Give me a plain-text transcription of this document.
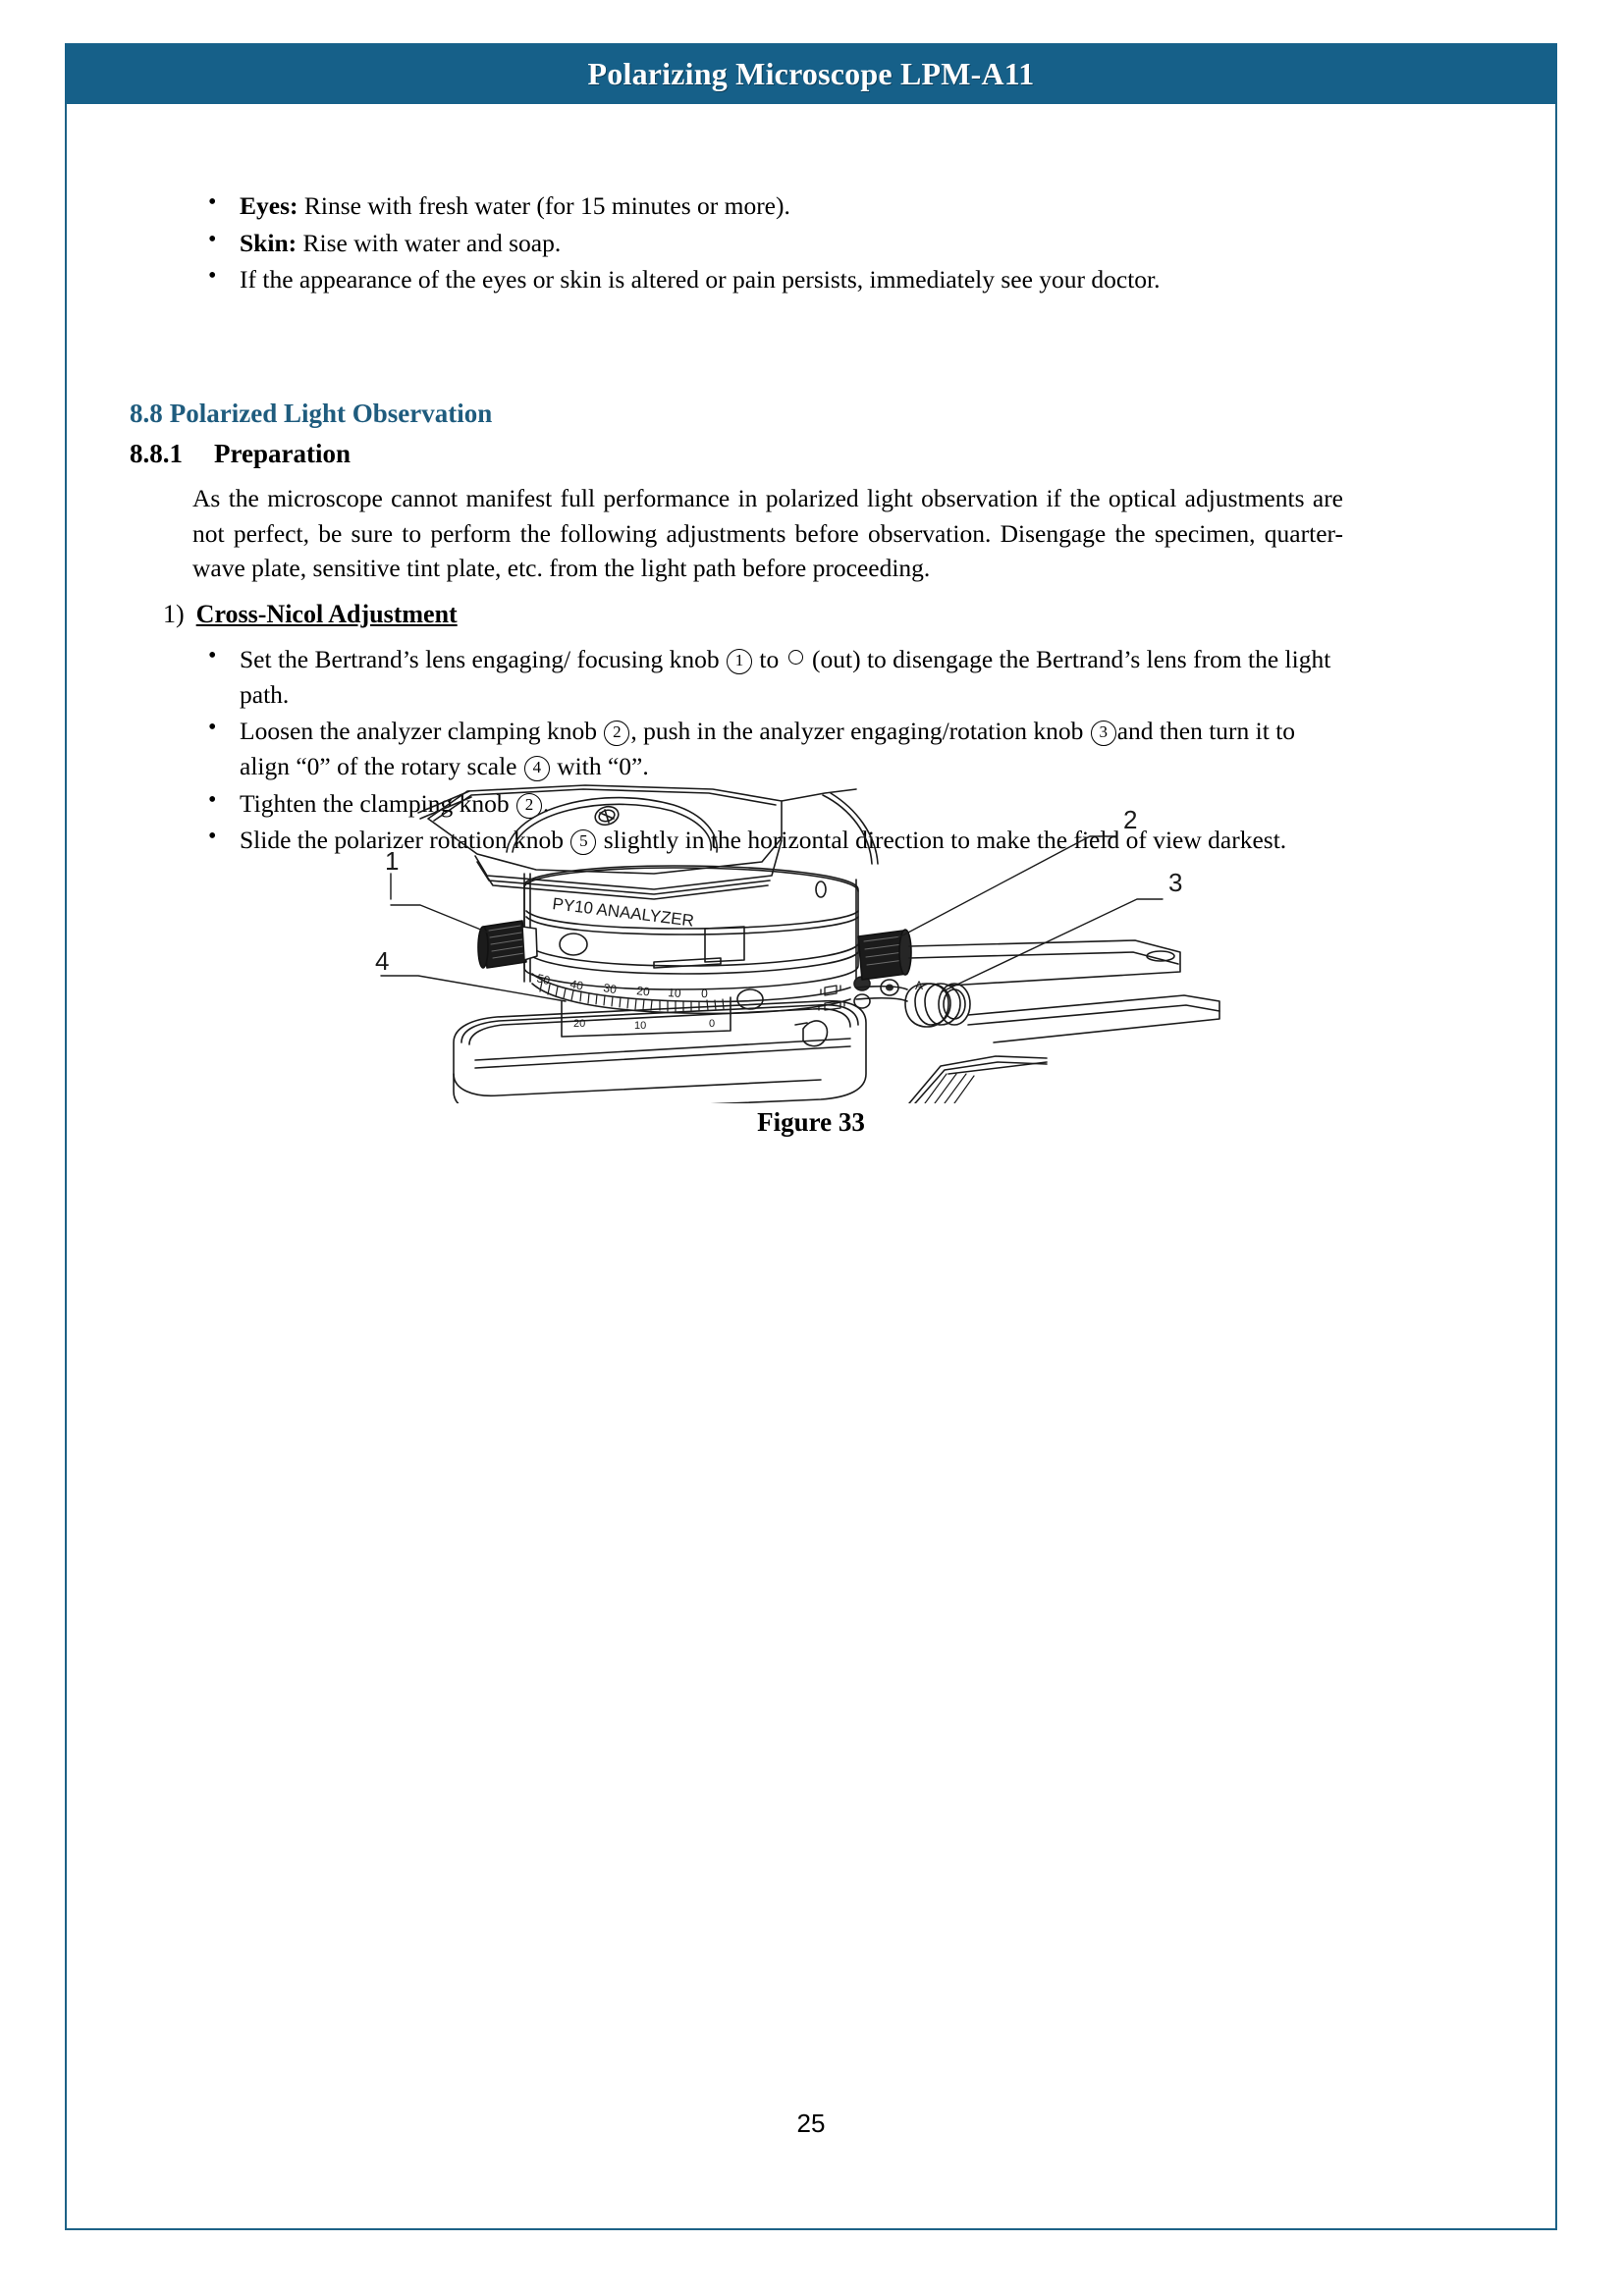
Polarizing Microscope LPM-A11
• Eyes: Rinse with fresh water (for 15 minutes or more).
• Skin: Rise with water and soap.
• If the appearance of the eyes or skin is altered or pain persists, immediately see your doctor.
8.8 Polarized Light Observation
8.8.1 Preparation
As the microscope cannot manifest full performance in polarized light observation if the optical adjustments are not perfect, be sure to perform the following adjustments before observation. Disengage the specimen, quarter-wave plate, sensitive tint plate, etc. from the light path before proceeding.
1) Cross-Nicol Adjustment
• Set the Bertrand’s lens engaging/ focusing knob 1 to  (out) to disengage the Bertrand’s lens from the light path.
• Loosen the analyzer clamping knob 2 , push in the analyzer engaging/rotation knob 3 and then turn it to align “0” of the rotary scale 4 with “0”.
• Tighten the clamping knob 2 .
• Slide the polarizer rotation knob 5 slightly in the horizontal direction to make the field of view darkest.
PY10 ANAALYZER
50 40 30 20 10 0
20	10	0
A
1
2
3
4
Figure 33
25
